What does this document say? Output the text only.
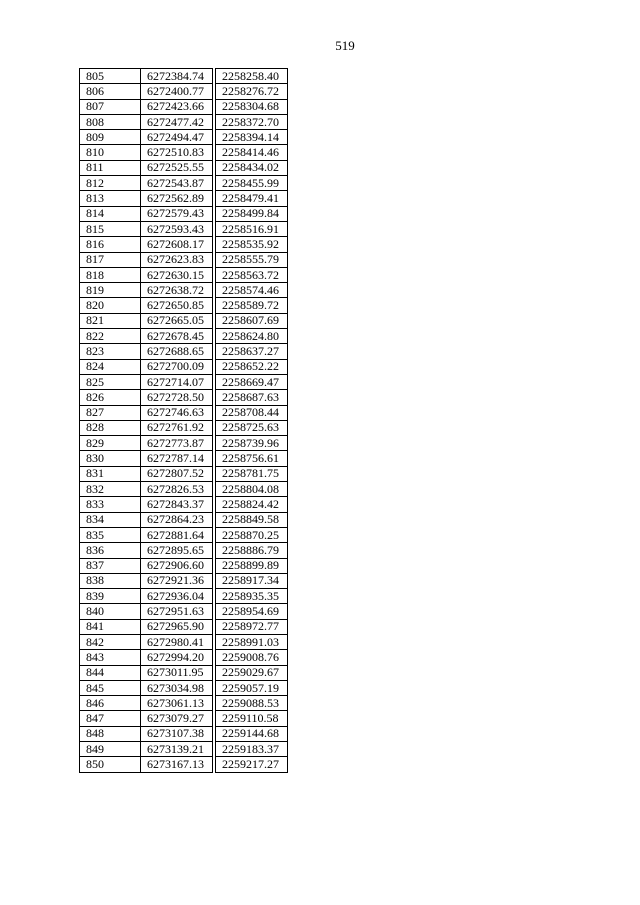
519
805	6272384.74		2258258.40
806	6272400.77		2258276.72
807	6272423.66		2258304.68
808	6272477.42		2258372.70
809	6272494.47		2258394.14
810	6272510.83		2258414.46
811	6272525.55		2258434.02
812	6272543.87		2258455.99
813	6272562.89		2258479.41
814	6272579.43		2258499.84
815	6272593.43		2258516.91
816	6272608.17		2258535.92
817	6272623.83		2258555.79
818	6272630.15		2258563.72
819	6272638.72		2258574.46
820	6272650.85		2258589.72
821	6272665.05		2258607.69
822	6272678.45		2258624.80
823	6272688.65		2258637.27
824	6272700.09		2258652.22
825	6272714.07		2258669.47
826	6272728.50		2258687.63
827	6272746.63		2258708.44
828	6272761.92		2258725.63
829	6272773.87		2258739.96
830	6272787.14		2258756.61
831	6272807.52		2258781.75
832	6272826.53		2258804.08
833	6272843.37		2258824.42
834	6272864.23		2258849.58
835	6272881.64		2258870.25
836	6272895.65		2258886.79
837	6272906.60		2258899.89
838	6272921.36		2258917.34
839	6272936.04		2258935.35
840	6272951.63		2258954.69
841	6272965.90		2258972.77
842	6272980.41		2258991.03
843	6272994.20		2259008.76
844	6273011.95		2259029.67
845	6273034.98		2259057.19
846	6273061.13		2259088.53
847	6273079.27		2259110.58
848	6273107.38		2259144.68
849	6273139.21		2259183.37
850	6273167.13		2259217.27
